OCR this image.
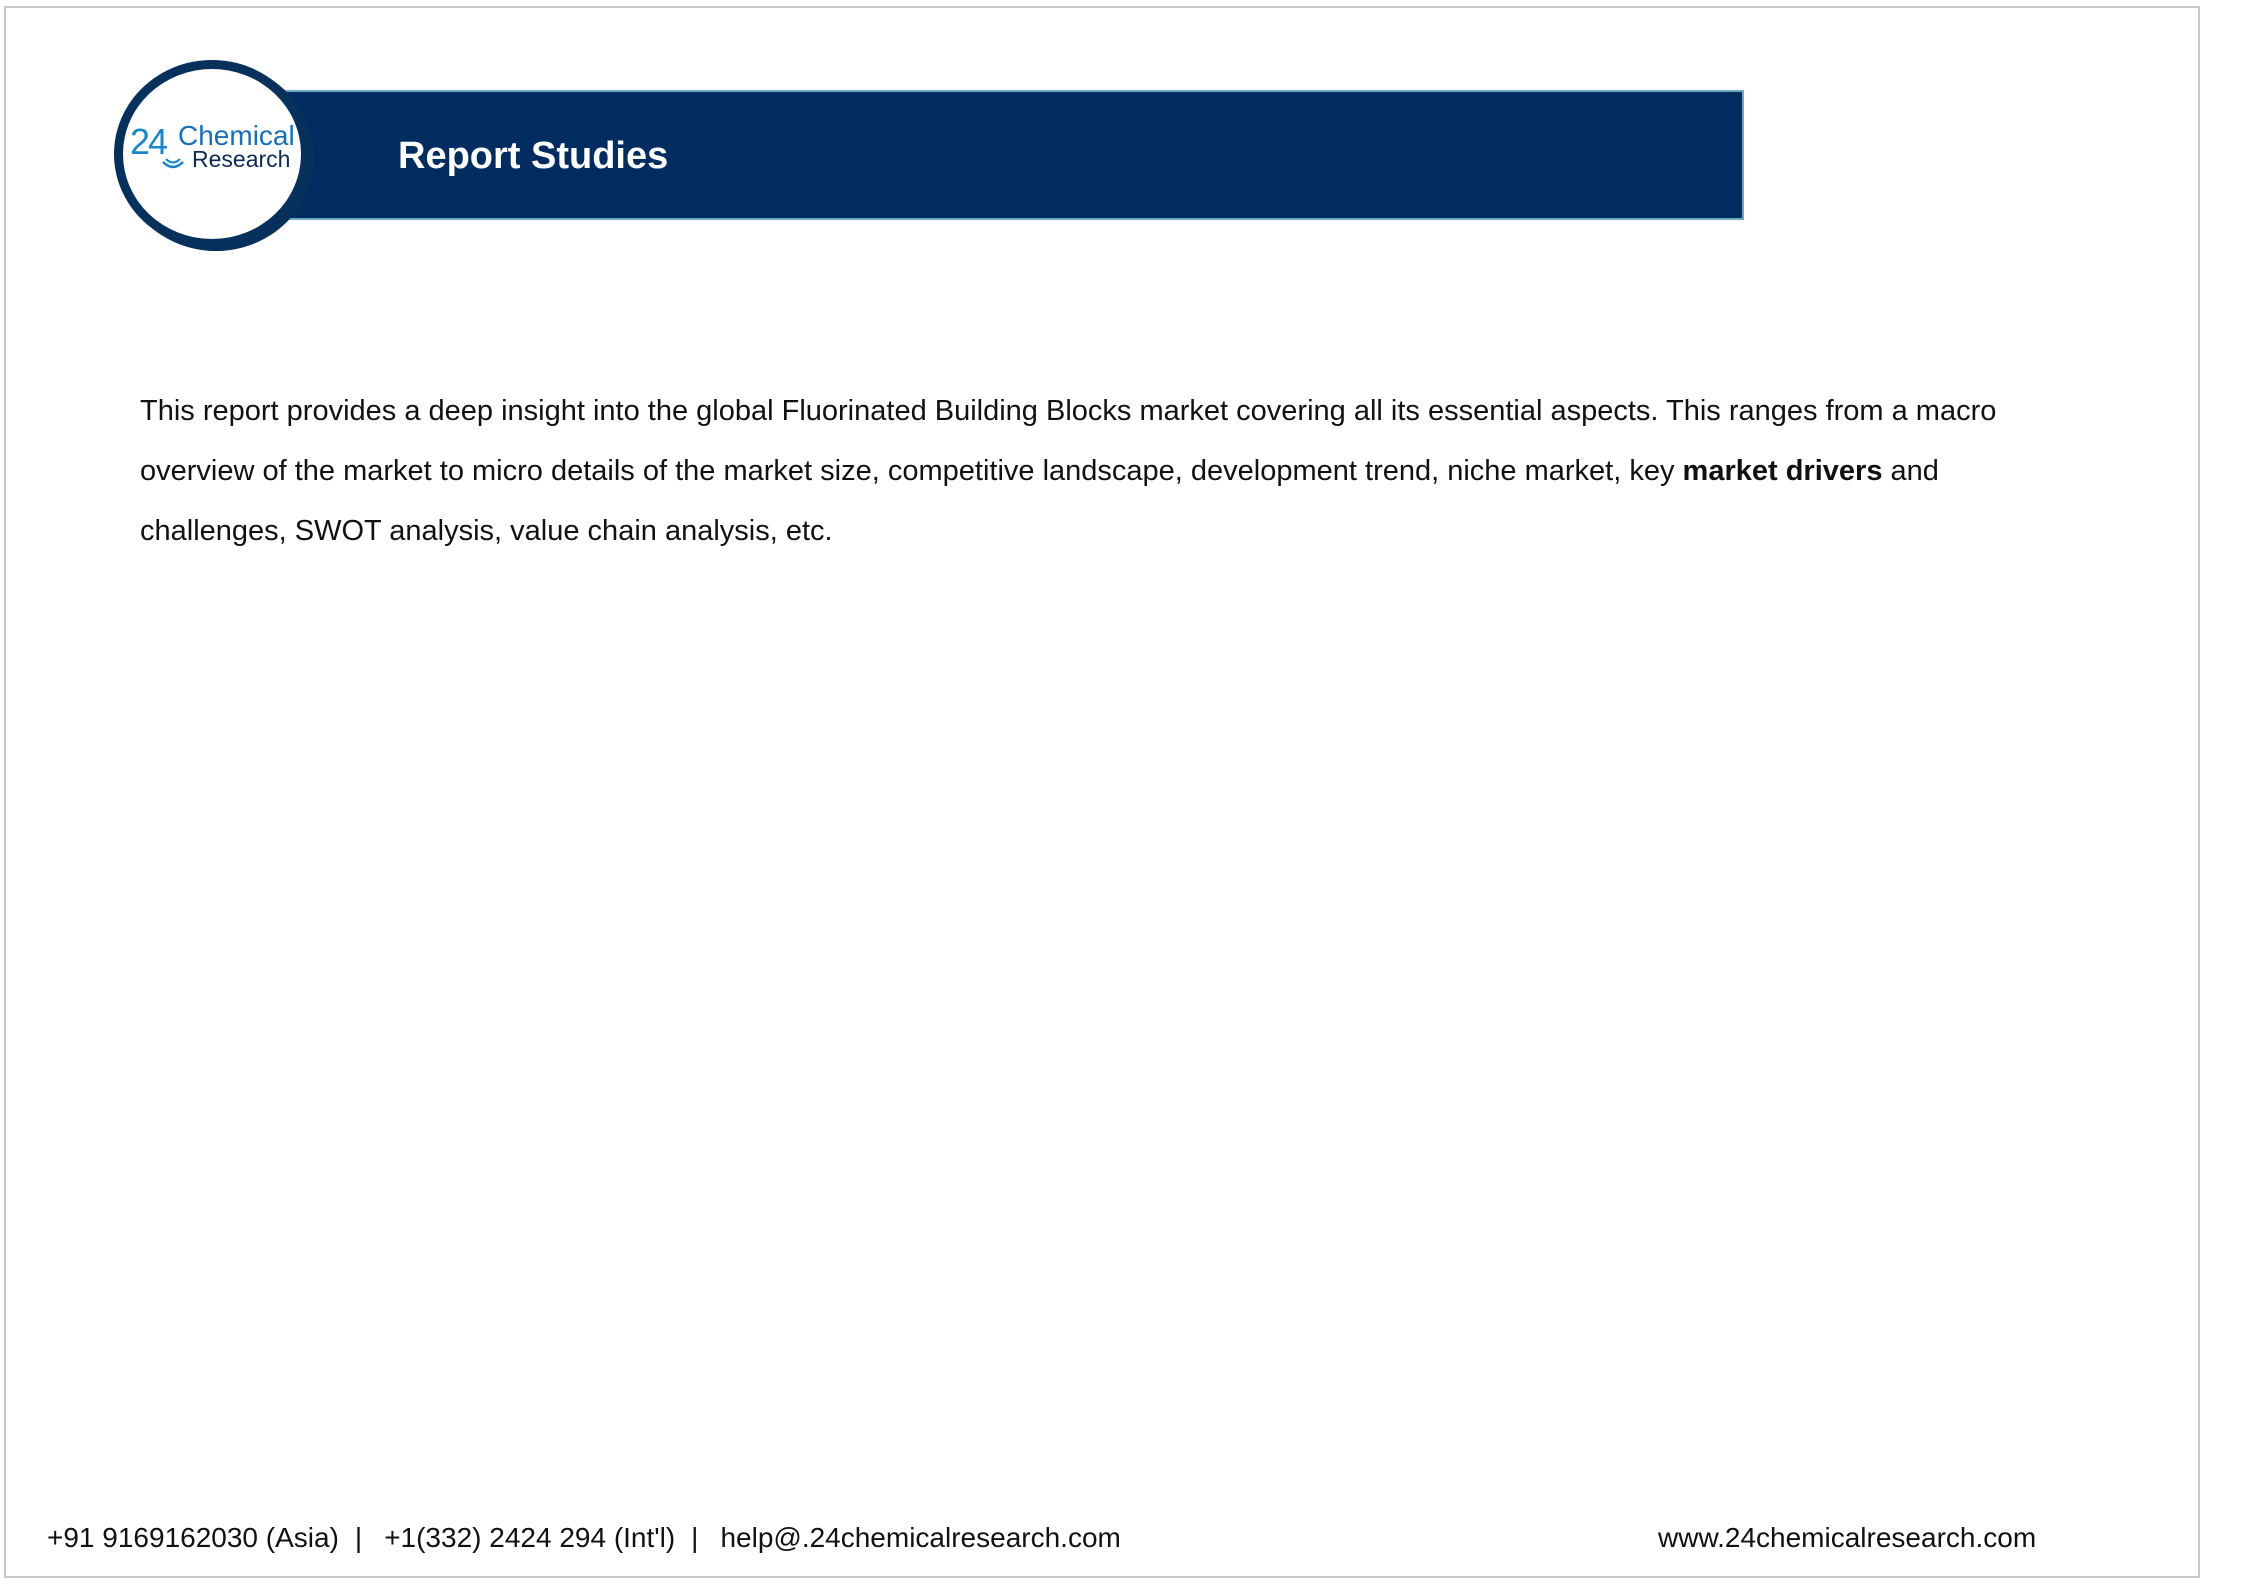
Report Studies
24 Chemical
Research
This report provides a deep insight into the global Fluorinated Building Blocks market covering all its essential aspects. This ranges from a macro overview of the market to micro details of the market size, competitive landscape, development trend, niche market, key market drivers and challenges, SWOT analysis, value chain analysis, etc.
+91 9169162030 (Asia) | +1(332) 2424 294 (Int'l) | help@.24chemicalresearch.com	www.24chemicalresearch.com
